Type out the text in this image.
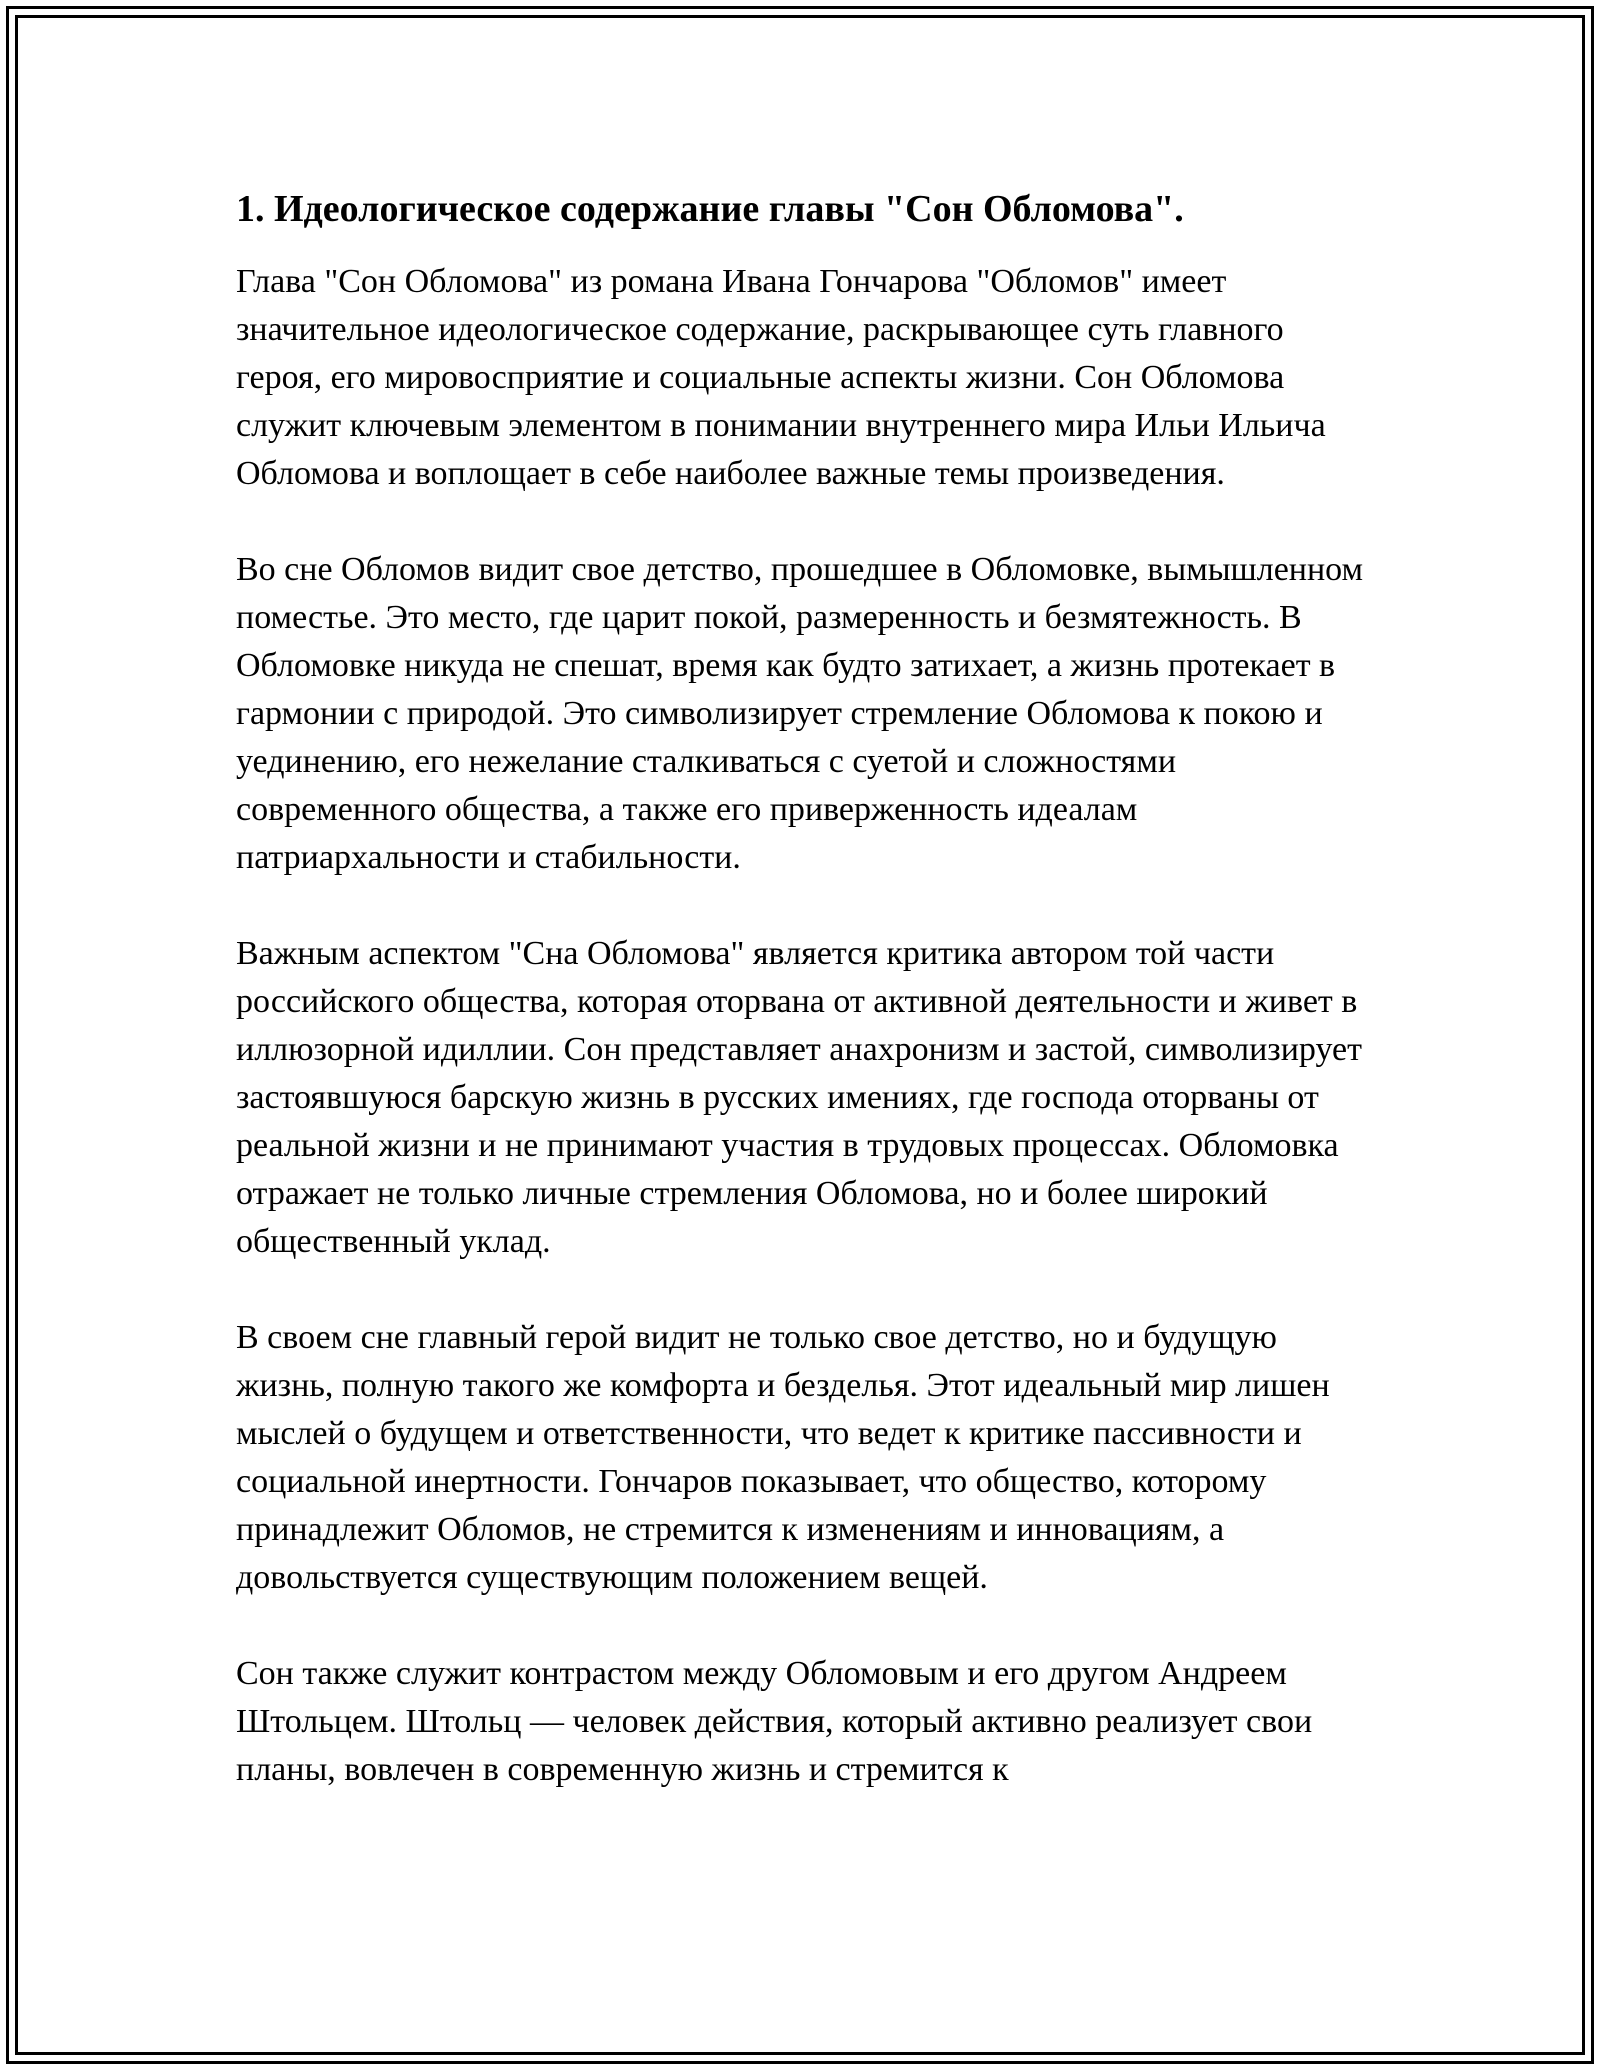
1. Идеологическое содержание главы "Сон Обломова".

Глава "Сон Обломова" из романа Ивана Гончарова "Обломов" имеет значительное идеологическое содержание, раскрывающее суть главного героя, его мировосприятие и социальные аспекты жизни. Сон Обломова служит ключевым элементом в понимании внутреннего мира Ильи Ильича Обломова и воплощает в себе наиболее важные темы произведения.

Во сне Обломов видит свое детство, прошедшее в Обломовке, вымышленном поместье. Это место, где царит покой, размеренность и безмятежность. В Обломовке никуда не спешат, время как будто затихает, а жизнь протекает в гармонии с природой. Это символизирует стремление Обломова к покою и уединению, его нежелание сталкиваться с суетой и сложностями современного общества, а также его приверженность идеалам патриархальности и стабильности.

Важным аспектом "Сна Обломова" является критика автором той части российского общества, которая оторвана от активной деятельности и живет в иллюзорной идиллии. Сон представляет анахронизм и застой, символизирует застоявшуюся барскую жизнь в русских имениях, где господа оторваны от реальной жизни и не принимают участия в трудовых процессах. Обломовка отражает не только личные стремления Обломова, но и более широкий общественный уклад.

В своем сне главный герой видит не только свое детство, но и будущую жизнь, полную такого же комфорта и безделья. Этот идеальный мир лишен мыслей о будущем и ответственности, что ведет к критике пассивности и социальной инертности. Гончаров показывает, что общество, которому принадлежит Обломов, не стремится к изменениям и инновациям, а довольствуется существующим положением вещей.

Сон также служит контрастом между Обломовым и его другом Андреем Штольцем. Штольц — человек действия, который активно реализует свои планы, вовлечен в современную жизнь и стремится к
